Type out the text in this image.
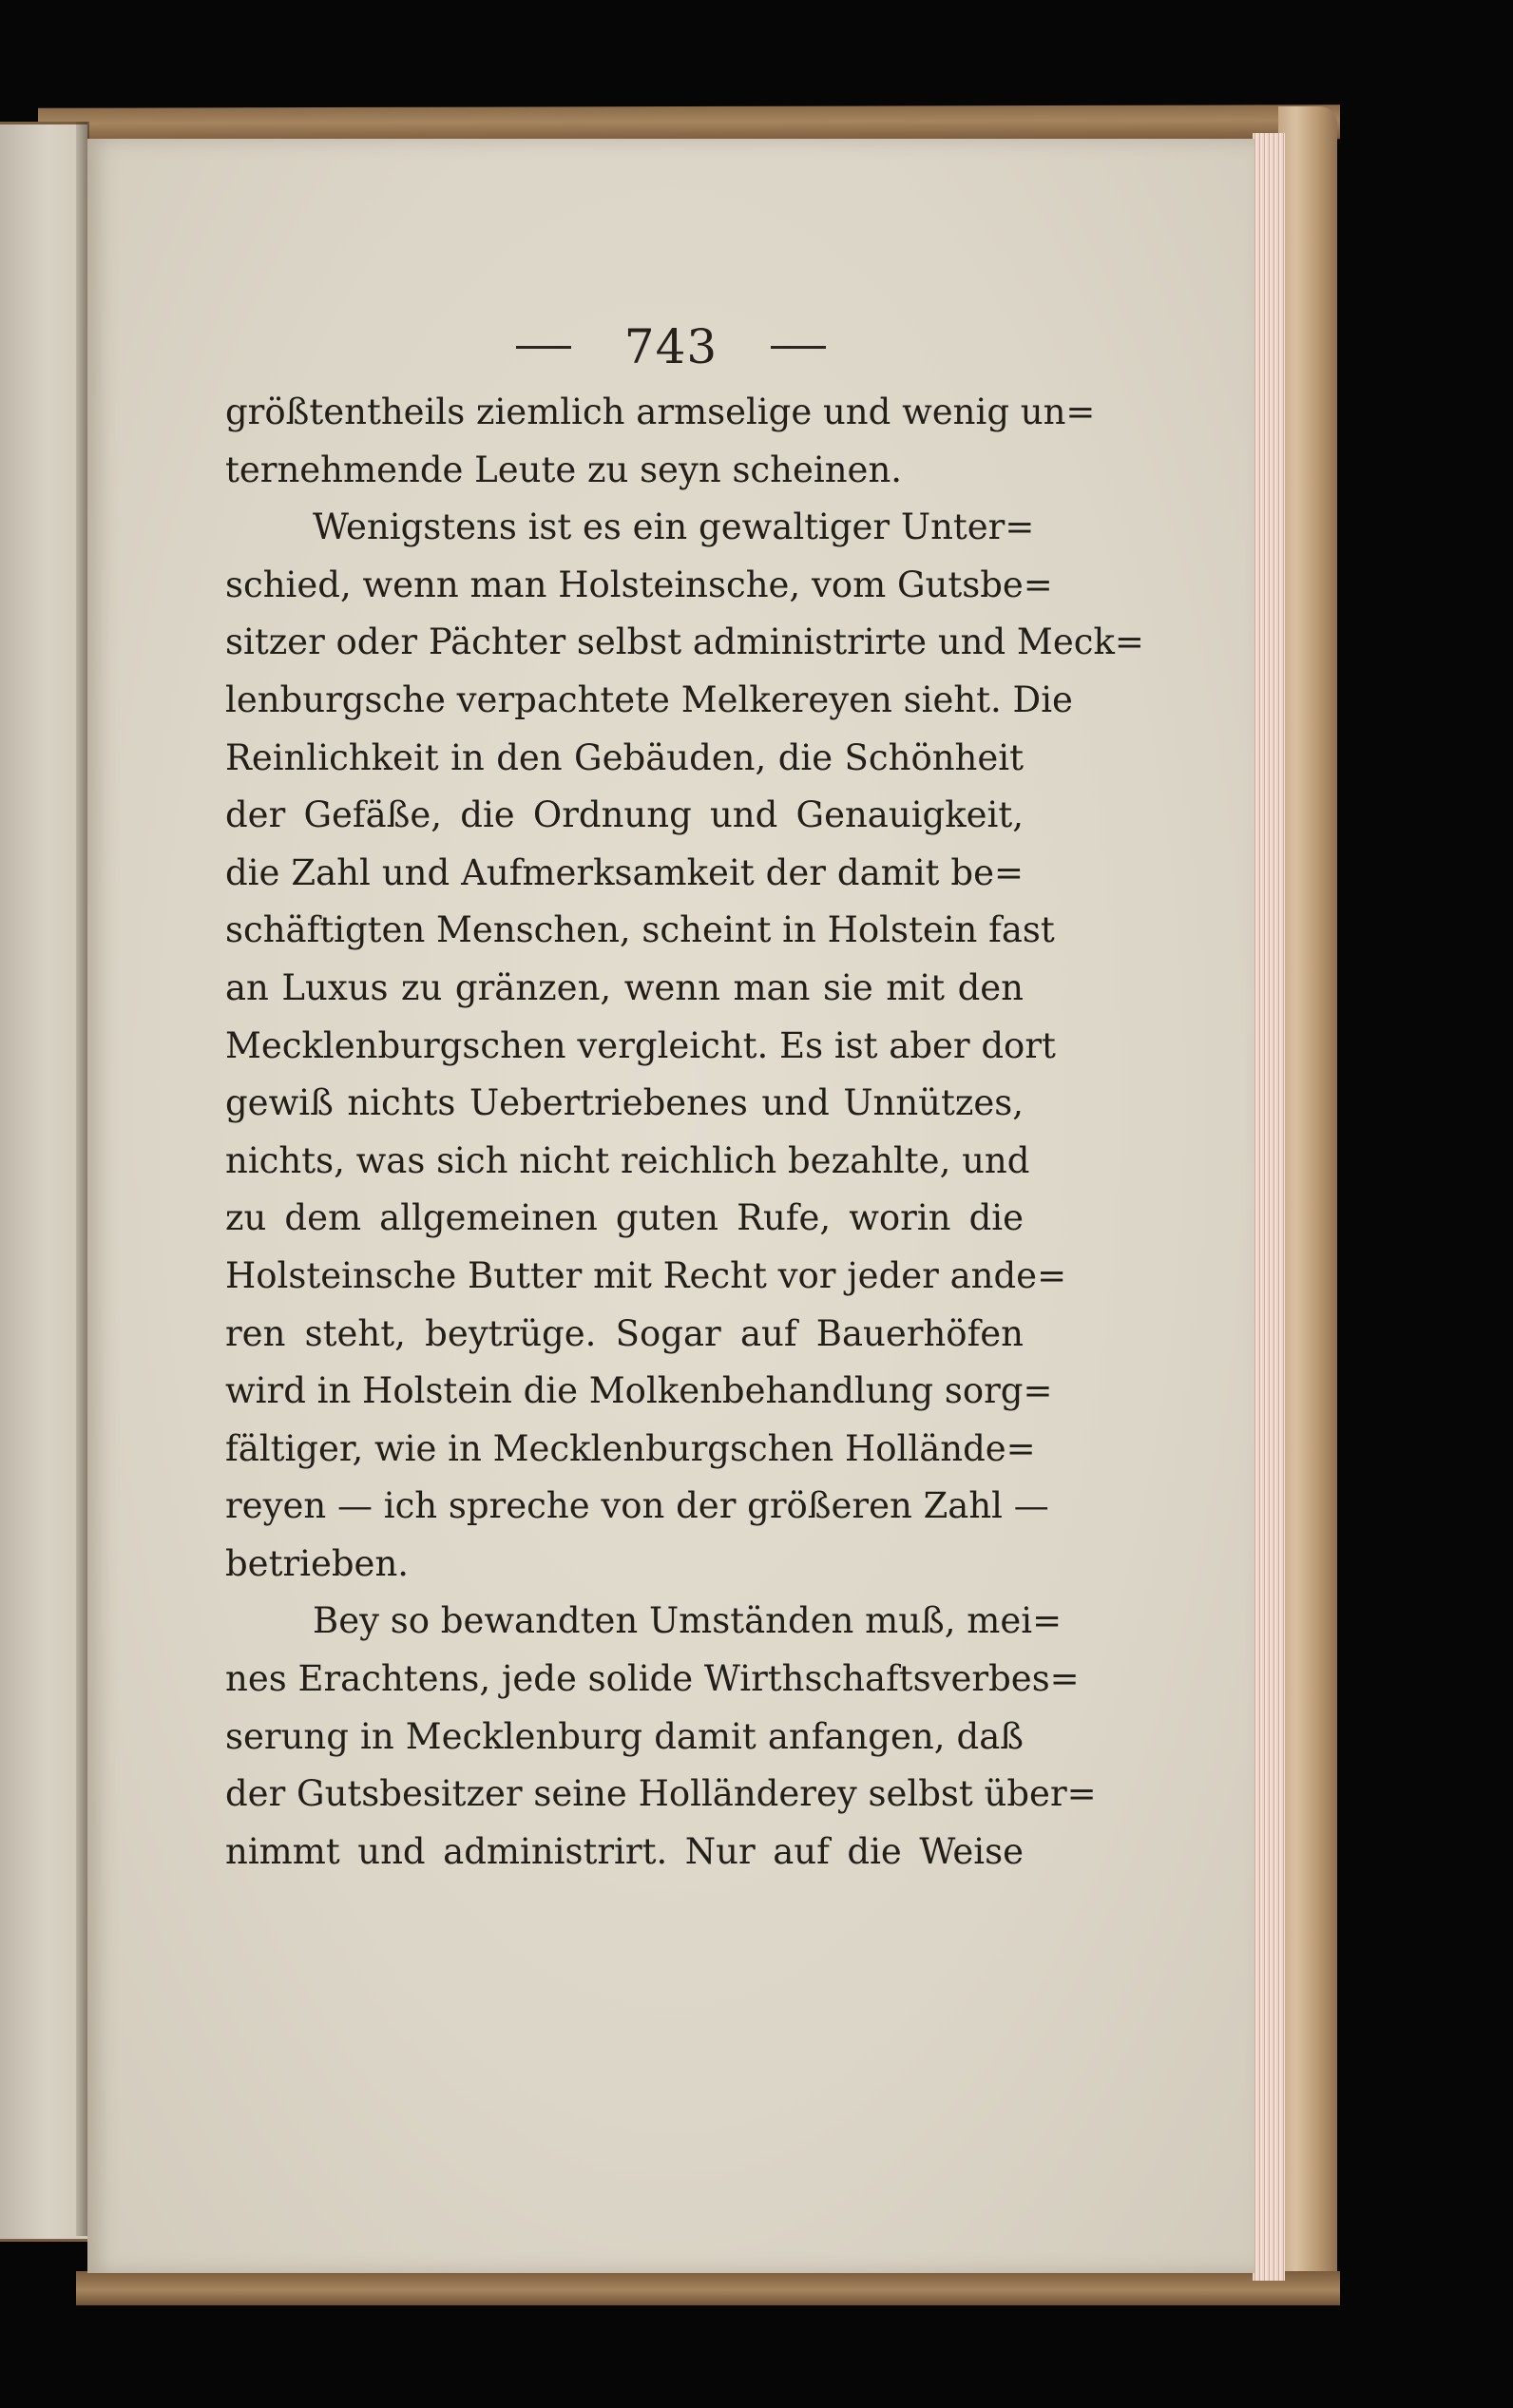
743
größtentheils ziemlich armselige und wenig un=
ternehmende Leute zu seyn scheinen.
Wenigstens ist es ein gewaltiger Unter=
schied, wenn man Holsteinsche, vom Gutsbe=
sitzer oder Pächter selbst administrirte und Meck=
lenburgsche verpachtete Melkereyen sieht. Die
Reinlichkeit in den Gebäuden, die Schönheit
der Gefäße, die Ordnung und Genauigkeit,
die Zahl und Aufmerksamkeit der damit be=
schäftigten Menschen, scheint in Holstein fast
an Luxus zu gränzen, wenn man sie mit den
Mecklenburgschen vergleicht. Es ist aber dort
gewiß nichts Uebertriebenes und Unnützes,
nichts, was sich nicht reichlich bezahlte, und
zu dem allgemeinen guten Rufe, worin die
Holsteinsche Butter mit Recht vor jeder ande=
ren steht, beytrüge. Sogar auf Bauerhöfen
wird in Holstein die Molkenbehandlung sorg=
fältiger, wie in Mecklenburgschen Hollände=
reyen — ich spreche von der größeren Zahl —
betrieben.
Bey so bewandten Umständen muß, mei=
nes Erachtens, jede solide Wirthschaftsverbes=
serung in Mecklenburg damit anfangen, daß
der Gutsbesitzer seine Holländerey selbst über=
nimmt und administrirt. Nur auf die Weise
